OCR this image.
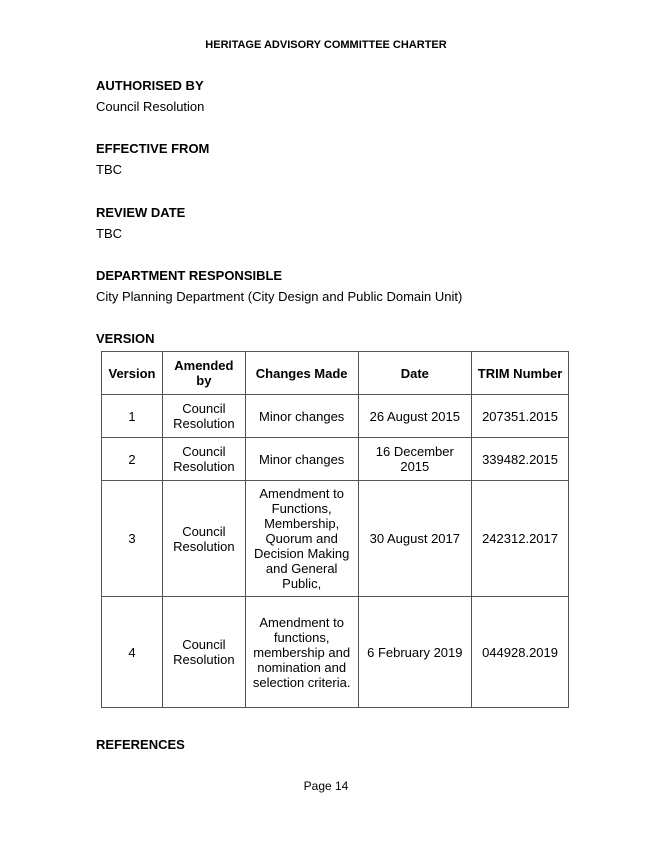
HERITAGE ADVISORY COMMITTEE CHARTER
AUTHORISED BY
Council Resolution
EFFECTIVE FROM
TBC
REVIEW DATE
TBC
DEPARTMENT RESPONSIBLE
City Planning Department (City Design and Public Domain Unit)
VERSION
Version	Amended by	Changes Made	Date	TRIM Number
1	Council Resolution	Minor changes	26 August 2015	207351.2015
2	Council Resolution	Minor changes	16 December 2015	339482.2015
3	Council Resolution	Amendment to Functions, Membership, Quorum and Decision Making and General Public,	30 August 2017	242312.2017
4	Council Resolution	Amendment to functions, membership and nomination and selection criteria.	6 February 2019	044928.2019
REFERENCES
Page 14
